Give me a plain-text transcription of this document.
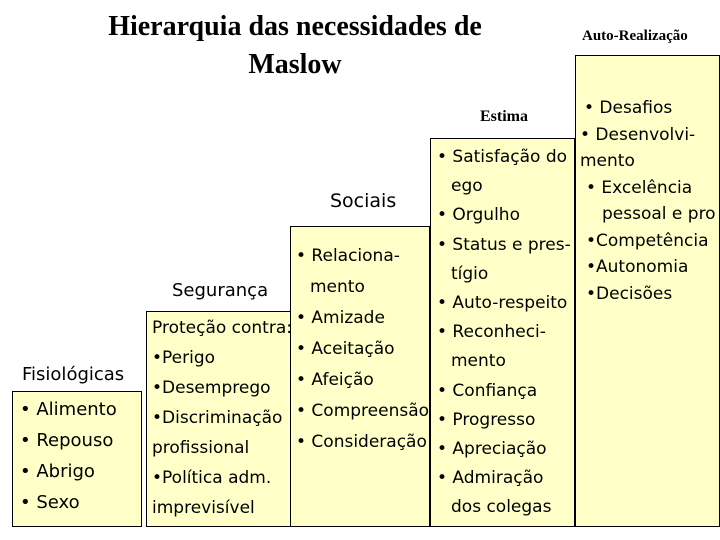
Hierarquia das necessidades de
Maslow
Auto-Realização
Estima
Sociais
Segurança
Fisiológicas
• Alimento
• Repouso
• Abrigo
• Sexo
Proteção contra:
•Perigo
•Desemprego
•Discriminação
profissional
•Política adm.
imprevisível
• Relaciona-
mento
• Amizade
• Aceitação
• Afeição
• Compreensão
• Consideração
• Satisfação do
ego
• Orgulho
• Status e pres-
tígio
• Auto-respeito
• Reconheci-
mento
• Confiança
• Progresso
• Apreciação
• Admiração
dos colegas
• Desafios
• Desenvolvi-
mento
• Excelência
pessoal e pro
•Competência
•Autonomia
•Decisões
